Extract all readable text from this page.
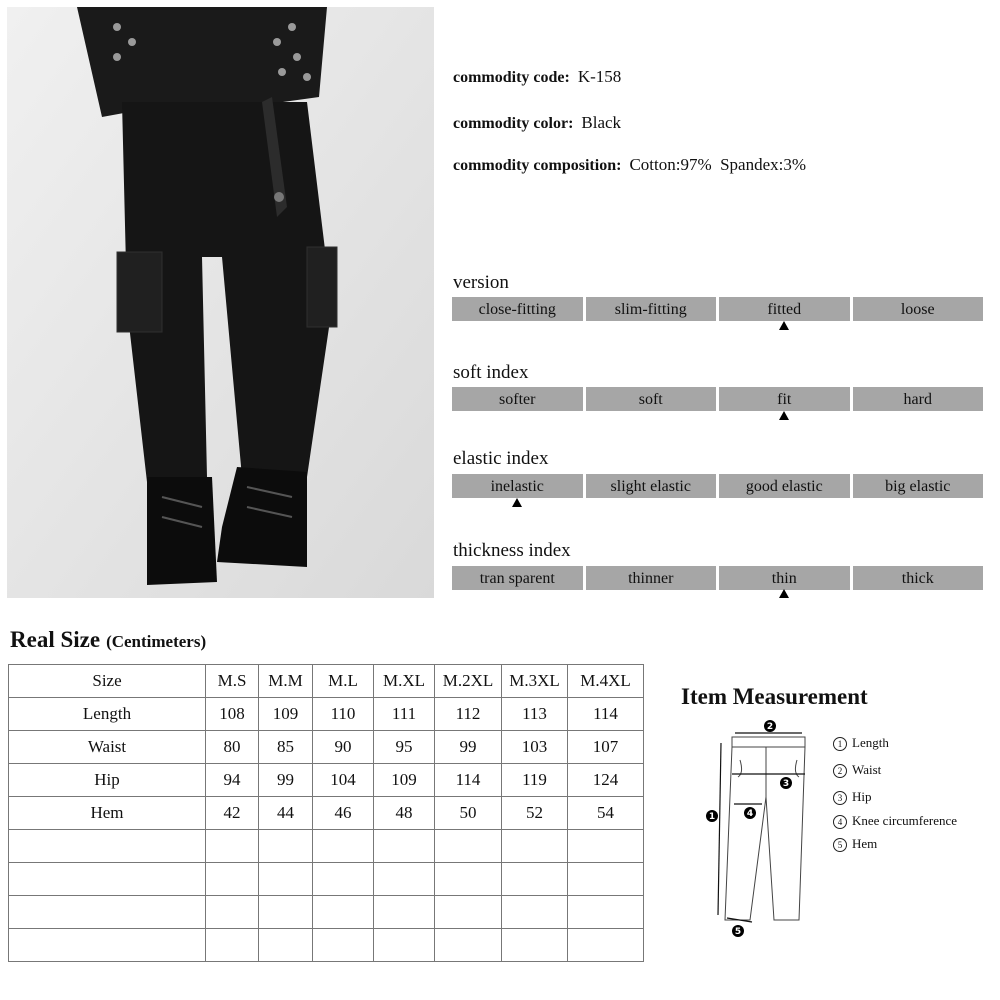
commodity code: K-158
commodity color: Black
commodity composition: Cotton:97%  Spandex:3%
version
close-fitting	slim-fitting	fitted	loose
soft index
softer	soft	fit	hard
elastic index
inelastic	slight elastic	good elastic	big elastic
thickness index
tran sparent	thinner	thin	thick
Real Size (Centimeters)
Size	M.S	M.M	M.L	M.XL	M.2XL	M.3XL	M.4XL
Length	108	109	110	111	112	113	114
Waist	80	85	90	95	99	103	107
Hip	94	99	104	109	114	119	124
Hem	42	44	46	48	50	52	54

Item Measurement
2
3
4
1
5
1 Length
2 Waist
3 Hip
4 Knee circumference
5 Hem
